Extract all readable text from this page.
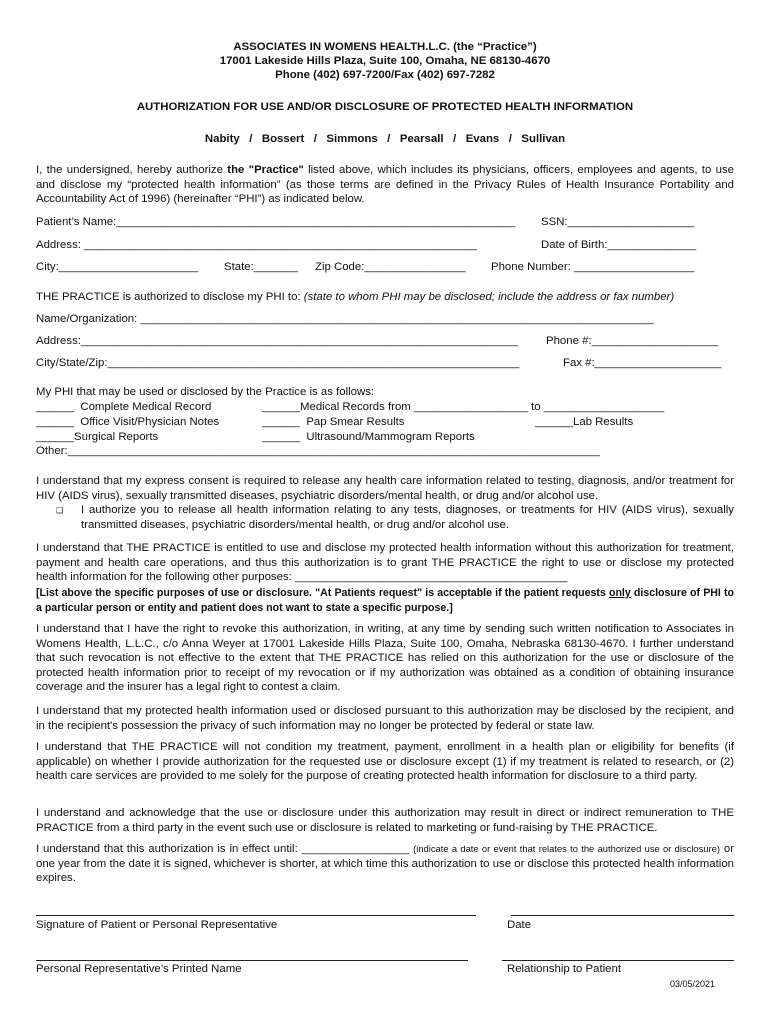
ASSOCIATES IN WOMENS HEALTH.L.C. (the “Practice”)
17001 Lakeside Hills Plaza, Suite 100, Omaha, NE 68130-4670
Phone (402) 697-7200/Fax (402) 697-7282
AUTHORIZATION FOR USE AND/OR DISCLOSURE OF PROTECTED HEALTH INFORMATION
Nabity   /   Bossert   /   Simmons   /   Pearsall   /   Evans   /   Sullivan
I, the undersigned, hereby authorize the "Practice" listed above, which includes its physicians, officers, employees and agents, to use and disclose my “protected health information” (as those terms are defined in the Privacy Rules of Health Insurance Portability and Accountability Act of 1996) (hereinafter “PHI”) as indicated below.
Patient’s Name:_______________________________________________________________ SSN:____________________
Address: ______________________________________________________________	Date of Birth:______________
City:______________________ State:_______ Zip Code:________________ Phone Number: ___________________
THE PRACTICE is authorized to disclose my PHI to: (state to whom PHI may be disclosed; include the address or fax number)
Name/Organization: _________________________________________________________________________________
Address:_____________________________________________________________________ Phone #:____________________
City/State/Zip:_________________________________________________________________	Fax #:____________________
My PHI that may be used or disclosed by the Practice is as follows:
______  Complete Medical Record	______Medical Records from __________________ to ___________________
______  Office Visit/Physician Notes	______  Pap Smear Results	______Lab Results
______Surgical Reports	______  Ultrasound/Mammogram Reports
Other:____________________________________________________________________________________
I understand that my express consent is required to release any health care information related to testing, diagnosis, and/or treatment for HIV (AIDS virus), sexually transmitted diseases, psychiatric disorders/mental health, or drug and/or alcohol use.
❑ I authorize you to release all health information relating to any tests, diagnoses, or treatments for HIV (AIDS virus), sexually transmitted diseases, psychiatric disorders/mental health, or drug and/or alcohol use.
I understand that THE PRACTICE is entitled to use and disclose my protected health information without this authorization for treatment, payment and health care operations, and thus this authorization is to grant THE PRACTICE the right to use or disclose my protected health information for the following other purposes: ___________________________________________
[List above the specific purposes of use or disclosure. "At Patients request" is acceptable if the patient requests only disclosure of PHI to a particular person or entity and patient does not want to state a specific purpose.]
I understand that I have the right to revoke this authorization, in writing, at any time by sending such written notification to Associates in Womens Health, L.L.C., c/o Anna Weyer at 17001 Lakeside Hills Plaza, Suite 100, Omaha, Nebraska 68130-4670. I further understand that such revocation is not effective to the extent that THE PRACTICE has relied on this authorization for the use or disclosure of the protected health information prior to receipt of my revocation or if my authorization was obtained as a condition of obtaining insurance coverage and the insurer has a legal right to contest a claim.
I understand that my protected health information used or disclosed pursuant to this authorization may be disclosed by the recipient, and in the recipient's possession the privacy of such information may no longer be protected by federal or state law.
I understand that THE PRACTICE will not condition my treatment, payment, enrollment in a health plan or eligibility for benefits (if applicable) on whether I provide authorization for the requested use or disclosure except (1) if my treatment is related to research, or (2) health care services are provided to me solely for the purpose of creating protected health information for disclosure to a third party.
I understand and acknowledge that the use or disclosure under this authorization may result in direct or indirect remuneration to THE PRACTICE from a third party in the event such use or disclosure is related to marketing or fund-raising by THE PRACTICE.
I understand that this authorization is in effect until: _________________ (indicate a date or event that relates to the authorized use or disclosure) or one year from the date it is signed, whichever is shorter, at which time this authorization to use or disclose this protected health information expires.
Signature of Patient or Personal Representative	Date
Personal Representative’s Printed Name	Relationship to Patient
03/05/2021
